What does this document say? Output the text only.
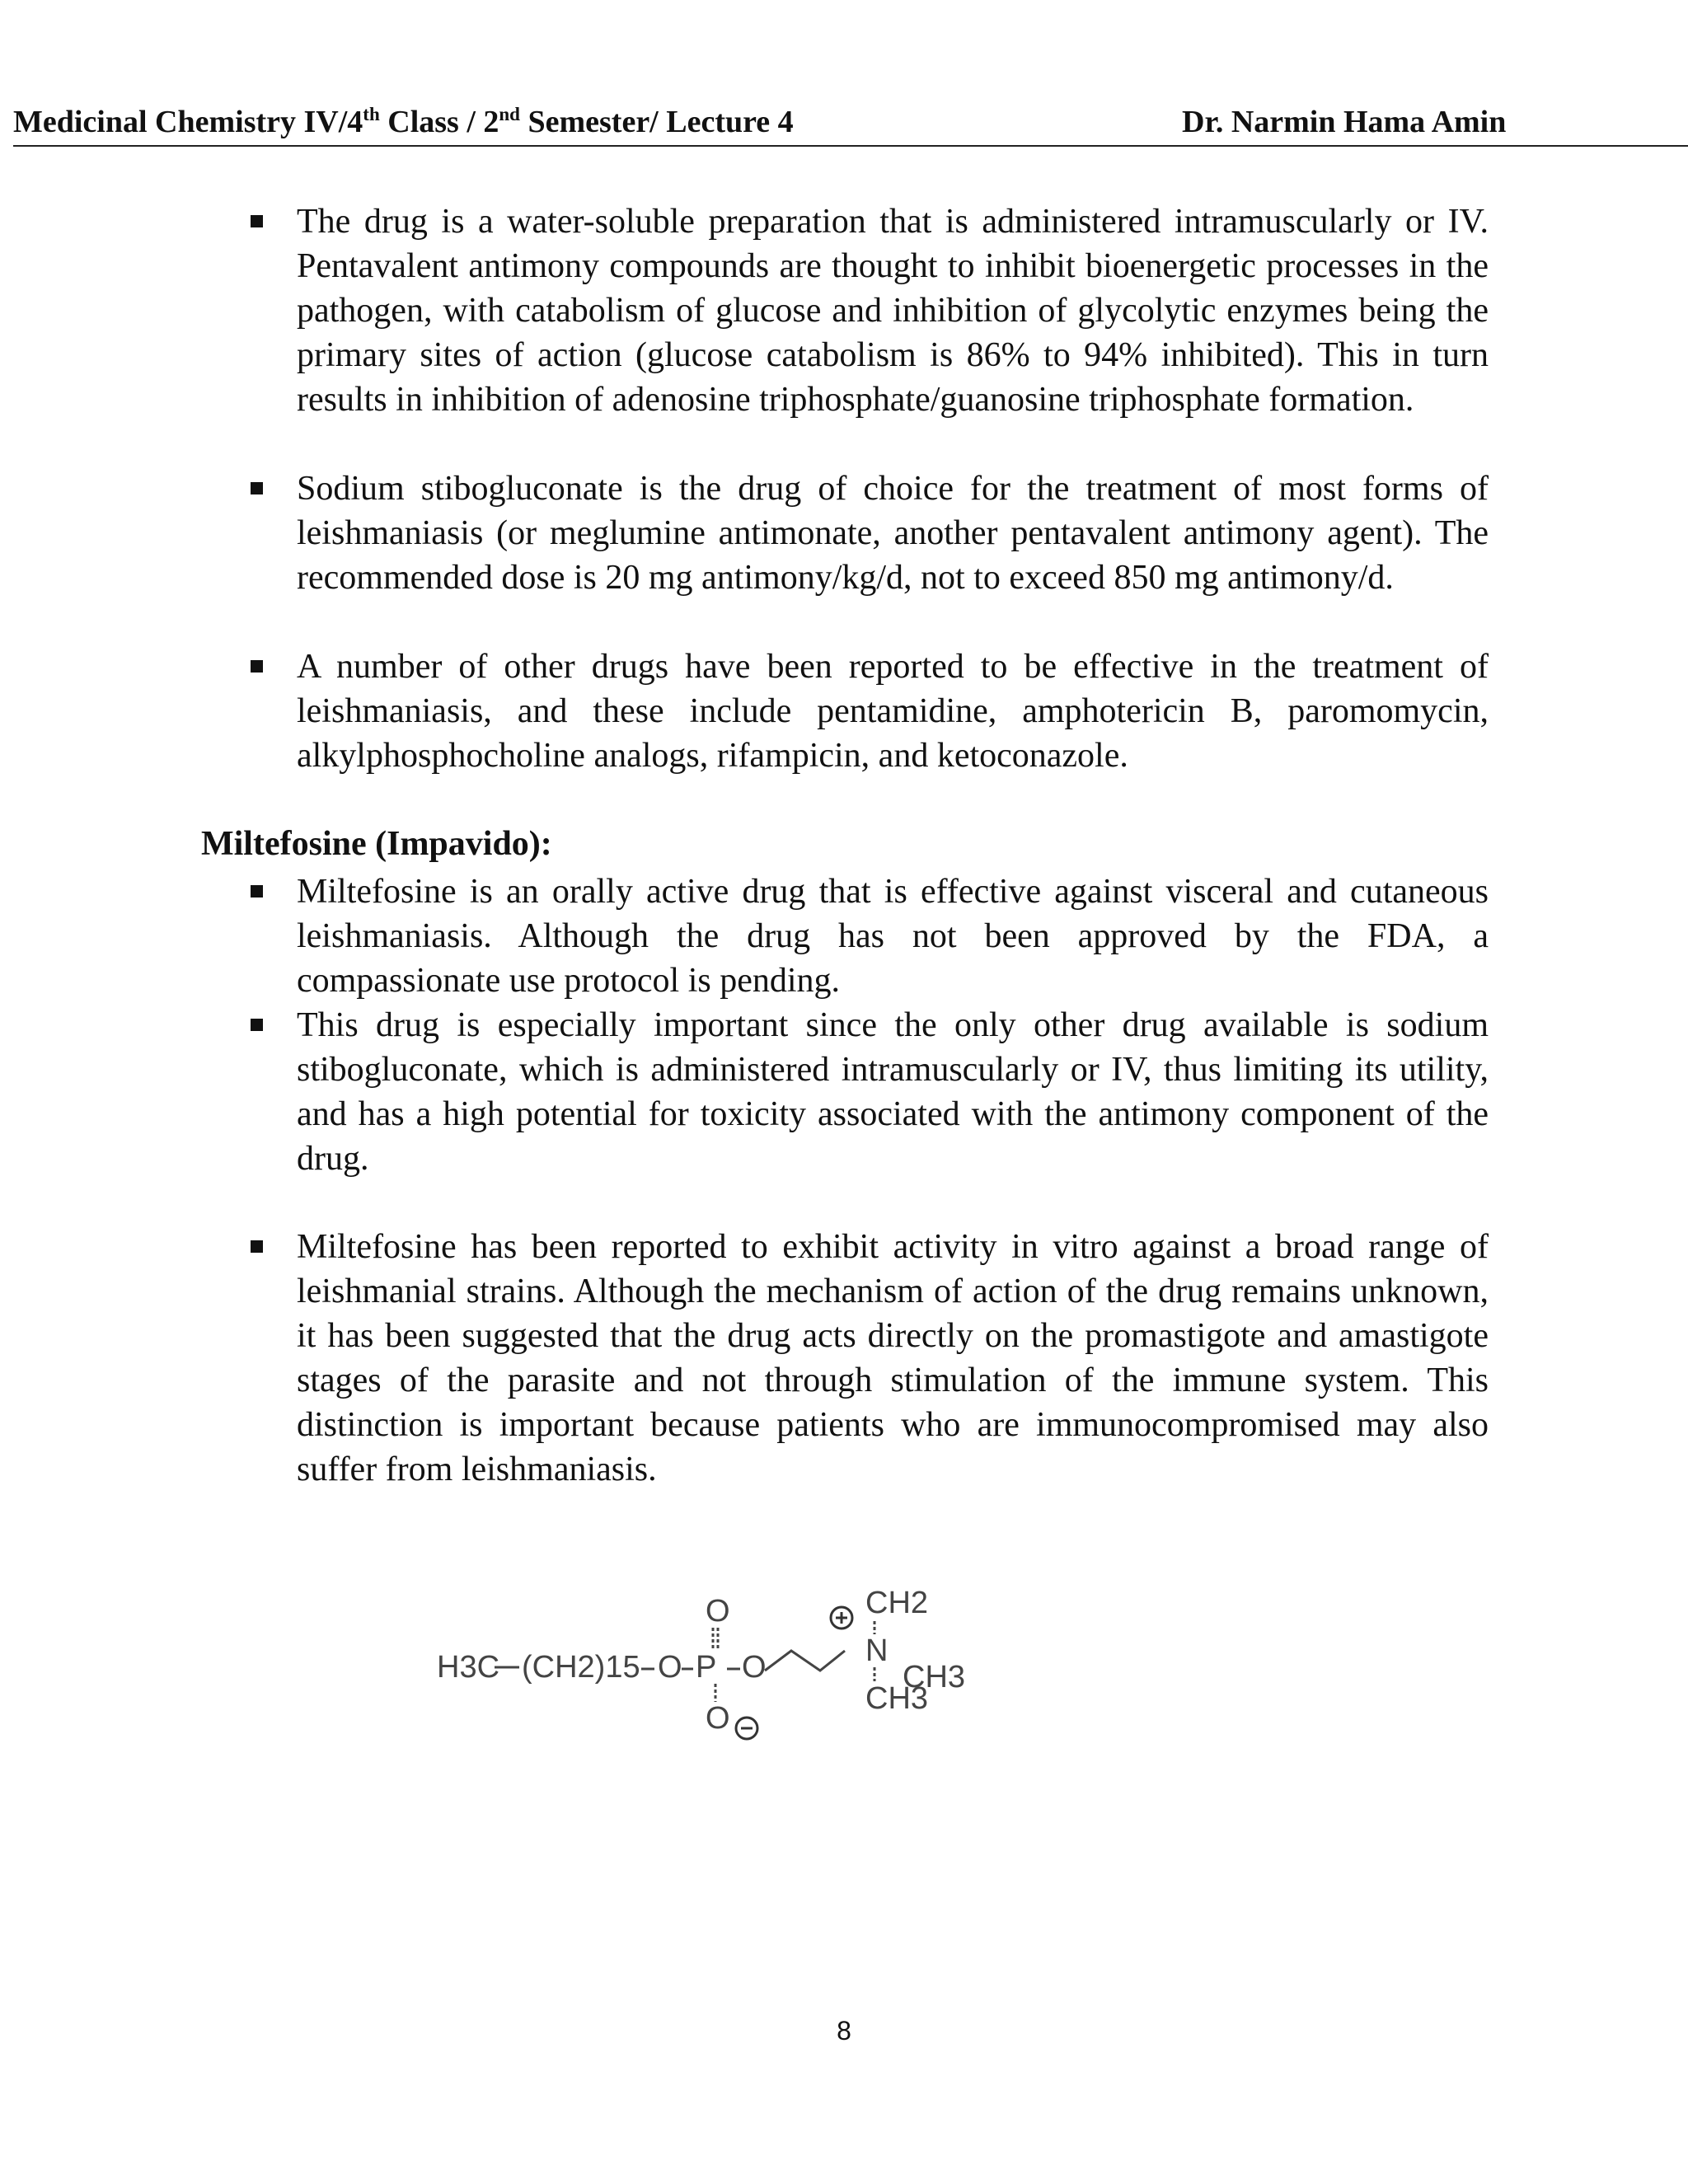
Medicinal Chemistry IV/4th Class / 2nd Semester/ Lecture 4	Dr. Narmin Hama Amin

The drug is a water-soluble preparation that is administered intramuscularly or IV. Pentavalent antimony compounds are thought to inhibit bioenergetic processes in the pathogen, with catabolism of glucose and inhibition of glycolytic enzymes being the primary sites of action (glucose catabolism is 86% to 94% inhibited). This in turn results in inhibition of adenosine triphosphate/guanosine triphosphate formation.

Sodium stibogluconate is the drug of choice for the treatment of most forms of leishmaniasis (or meglumine antimonate, another pentavalent antimony agent). The recommended dose is 20 mg antimony/kg/d, not to exceed 850 mg antimony/d.

A number of other drugs have been reported to be effective in the treatment of leishmaniasis, and these include pentamidine, amphotericin B, paromomycin, alkylphosphocholine analogs, rifampicin, and ketoconazole.

Miltefosine (Impavido):

Miltefosine is an orally active drug that is effective against visceral and cutaneous leishmaniasis. Although the drug has not been approved by the FDA, a compassionate use protocol is pending.

This drug is especially important since the only other drug available is sodium stibogluconate, which is administered intramuscularly or IV, thus limiting its utility, and has a high potential for toxicity associated with the antimony component of the drug.

Miltefosine has been reported to exhibit activity in vitro against a broad range of leishmanial strains. Although the mechanism of action of the drug remains unknown, it has been suggested that the drug acts directly on the promastigote and amastigote stages of the parasite and not through stimulation of the immune system. This distinction is important because patients who are immunocompromised may also suffer from leishmaniasis.

H3C (CH2)15 O P
O
O
O	N
CH2
CH3
CH3
8
